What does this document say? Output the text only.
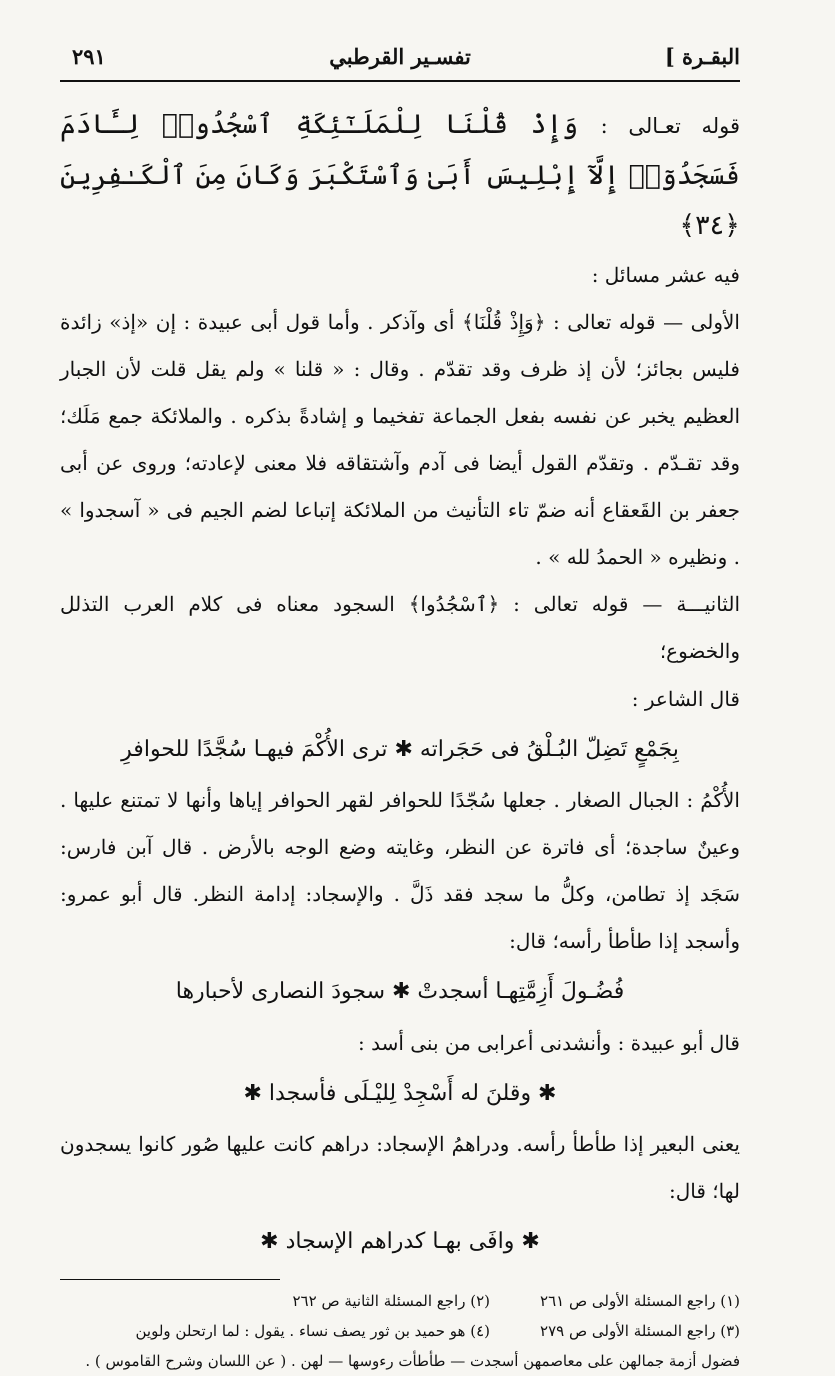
البقـرة ]
تفسـير القرطبي
٢٩١
قوله تعـالى : وَإِذْ قُلْنَا لِلْمَلَـٰٓئِكَةِ ٱسْجُدُوا۟ لِـَٔادَمَ فَسَجَدُوٓا۟ إِلَّآ إِبْلِيسَ أَبَىٰ وَٱسْتَكْبَرَ وَكَانَ مِنَ ٱلْكَـٰفِرِينَ ﴿٣٤﴾

فيه عشر مسائل :

الأولى — قوله تعالى : ﴿وَإِذْ قُلْنَا﴾ أى وآذكر . وأما قول أبى عبيدة : إن «إذ» زائدة فليس بجائز؛ لأن إذ ظرف وقد تقدّم . وقال : « قلنا » ولم يقل قلت لأن الجبار العظيم يخبر عن نفسه بفعل الجماعة تفخيما و إشادةً بذكره . والملائكة جمع مَلَك؛ وقد تقـدّم . وتقدّم القول أيضا فى آدم وآشتقاقه فلا معنى لإعادته؛ وروى عن أبى جعفر بن القَعقاع أنه ضمّ تاء التأنيث من الملائكة إتباعا لضم الجيم فى « آسجدوا » . ونظيره « الحمدُ لله » .

الثانيـــة — قوله تعالى : ﴿ٱسْجُدُوا﴾ السجود معناه فى كلام العرب التذلل والخضوع؛

قال الشاعر :

بِجَمْعٍ تَضِلّ البُـلْقُ فى حَجَراته ✱ ترى الأُكْمَ فيهـا سُجَّدًا للحوافرِ

الأُكْمُ : الجبال الصغار . جعلها سُجّدًا للحوافر لقهر الحوافر إياها وأنها لا تمتنع عليها . وعينٌ ساجدة؛ أى فاترة عن النظر، وغايته وضع الوجه بالأرض . قال آبن فارس: سَجَد إذ تطامن، وكلُّ ما سجد فقد ذَلَّ . والإسجاد: إدامة النظر. قال أبو عمرو: وأسجد إذا طأطأ رأسه؛ قال:

فُضُـولَ أَزِمَّتِهـا أسجدتْ ✱ سجودَ النصارى لأحبارها

قال أبو عبيدة : وأنشدنى أعرابى من بنى أسد :

✱ وقلنَ له أَسْجِدْ لِليْـلَى فأسجدا ✱

يعنى البعير إذا طأطأ رأسه. ودراهمُ الإسجاد: دراهم كانت عليها صُور كانوا يسجدون لها؛ قال:

✱ وافَى بهـا كدراهم الإسجاد ✱

(١) راجع المسئلة الأولى ص ٢٦١
(٢) راجع المسئلة الثانية ص ٢٦٢

(٣) راجع المسئلة الأولى ص ٢٧٩
(٤) هو حميد بن ثور يصف نساء . يقول : لما ارتحلن ولوين

فضول أزمة جمالهن على معاصمهن أسجدت — طأطأت رءوسها — لهن . ( عن اللسان وشرح القاموس ) .
